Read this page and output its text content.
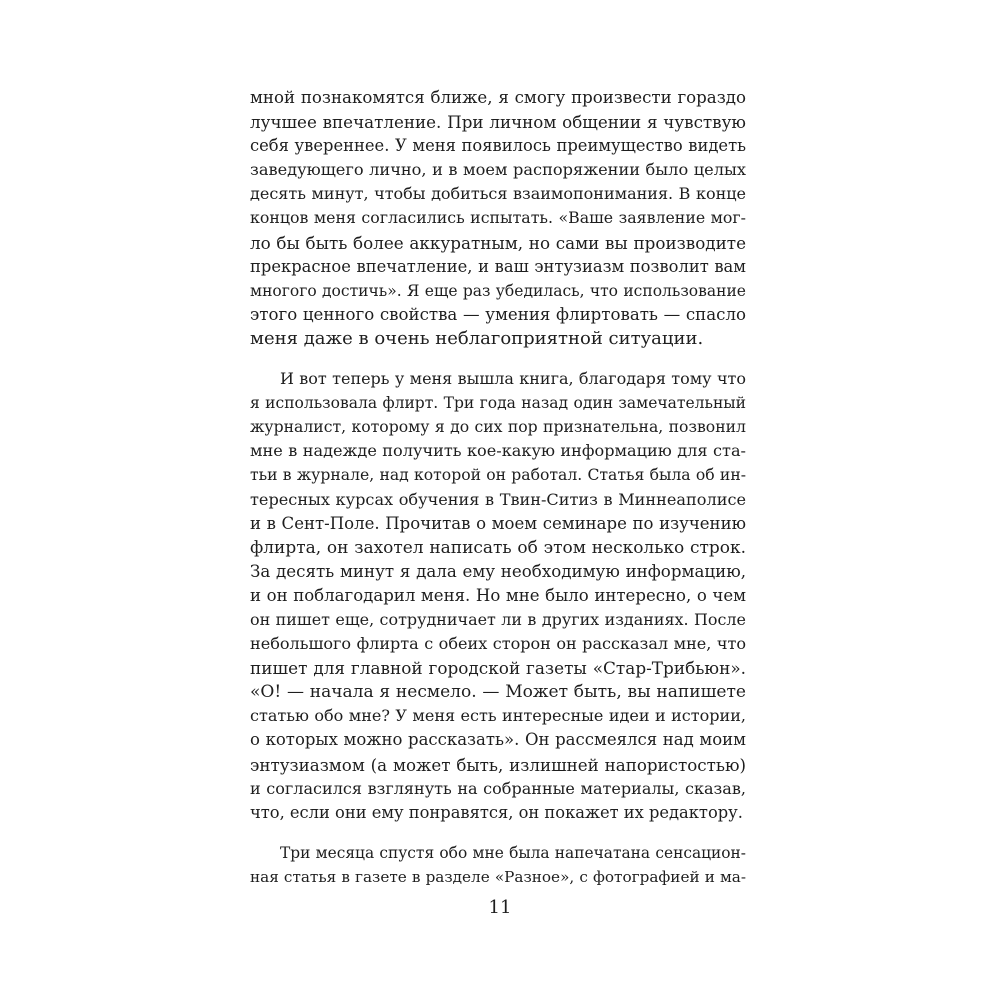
мной познакомятся ближе, я смогу произвести гораздо
лучшее впечатление. При личном общении я чувствую
себя увереннее. У меня появилось преимущество видеть
заведующего лично, и в моем распоряжении было целых
десять минут, чтобы добиться взаимопонимания. В конце
концов меня согласились испытать. «Ваше заявление мог-
ло бы быть более аккуратным, но сами вы производите
прекрасное впечатление, и ваш энтузиазм позволит вам
многого достичь». Я еще раз убедилась, что использование
этого ценного свойства — умения флиртовать — спасло
меня даже в очень неблагоприятной ситуации.
И вот теперь у меня вышла книга, благодаря тому что
я использовала флирт. Три года назад один замечательный
журналист, которому я до сих пор признательна, позвонил
мне в надежде получить кое-какую информацию для ста-
тьи в журнале, над которой он работал. Статья была об ин-
тересных курсах обучения в Твин-Ситиз в Миннеаполисе
и в Сент-Поле. Прочитав о моем семинаре по изучению
флирта, он захотел написать об этом несколько строк.
За десять минут я дала ему необходимую информацию,
и он поблагодарил меня. Но мне было интересно, о чем
он пишет еще, сотрудничает ли в других изданиях. После
небольшого флирта с обеих сторон он рассказал мне, что
пишет для главной городской газеты «Стар-Трибьюн».
«О! — начала я несмело. — Может быть, вы напишете
статью обо мне? У меня есть интересные идеи и истории,
о которых можно рассказать». Он рассмеялся над моим
энтузиазмом (а может быть, излишней напористостью)
и согласился взглянуть на собранные материалы, сказав,
что, если они ему понравятся, он покажет их редактору.
Три месяца спустя обо мне была напечатана сенсацион-
ная статья в газете в разделе «Разное», с фотографией и ма-
11
